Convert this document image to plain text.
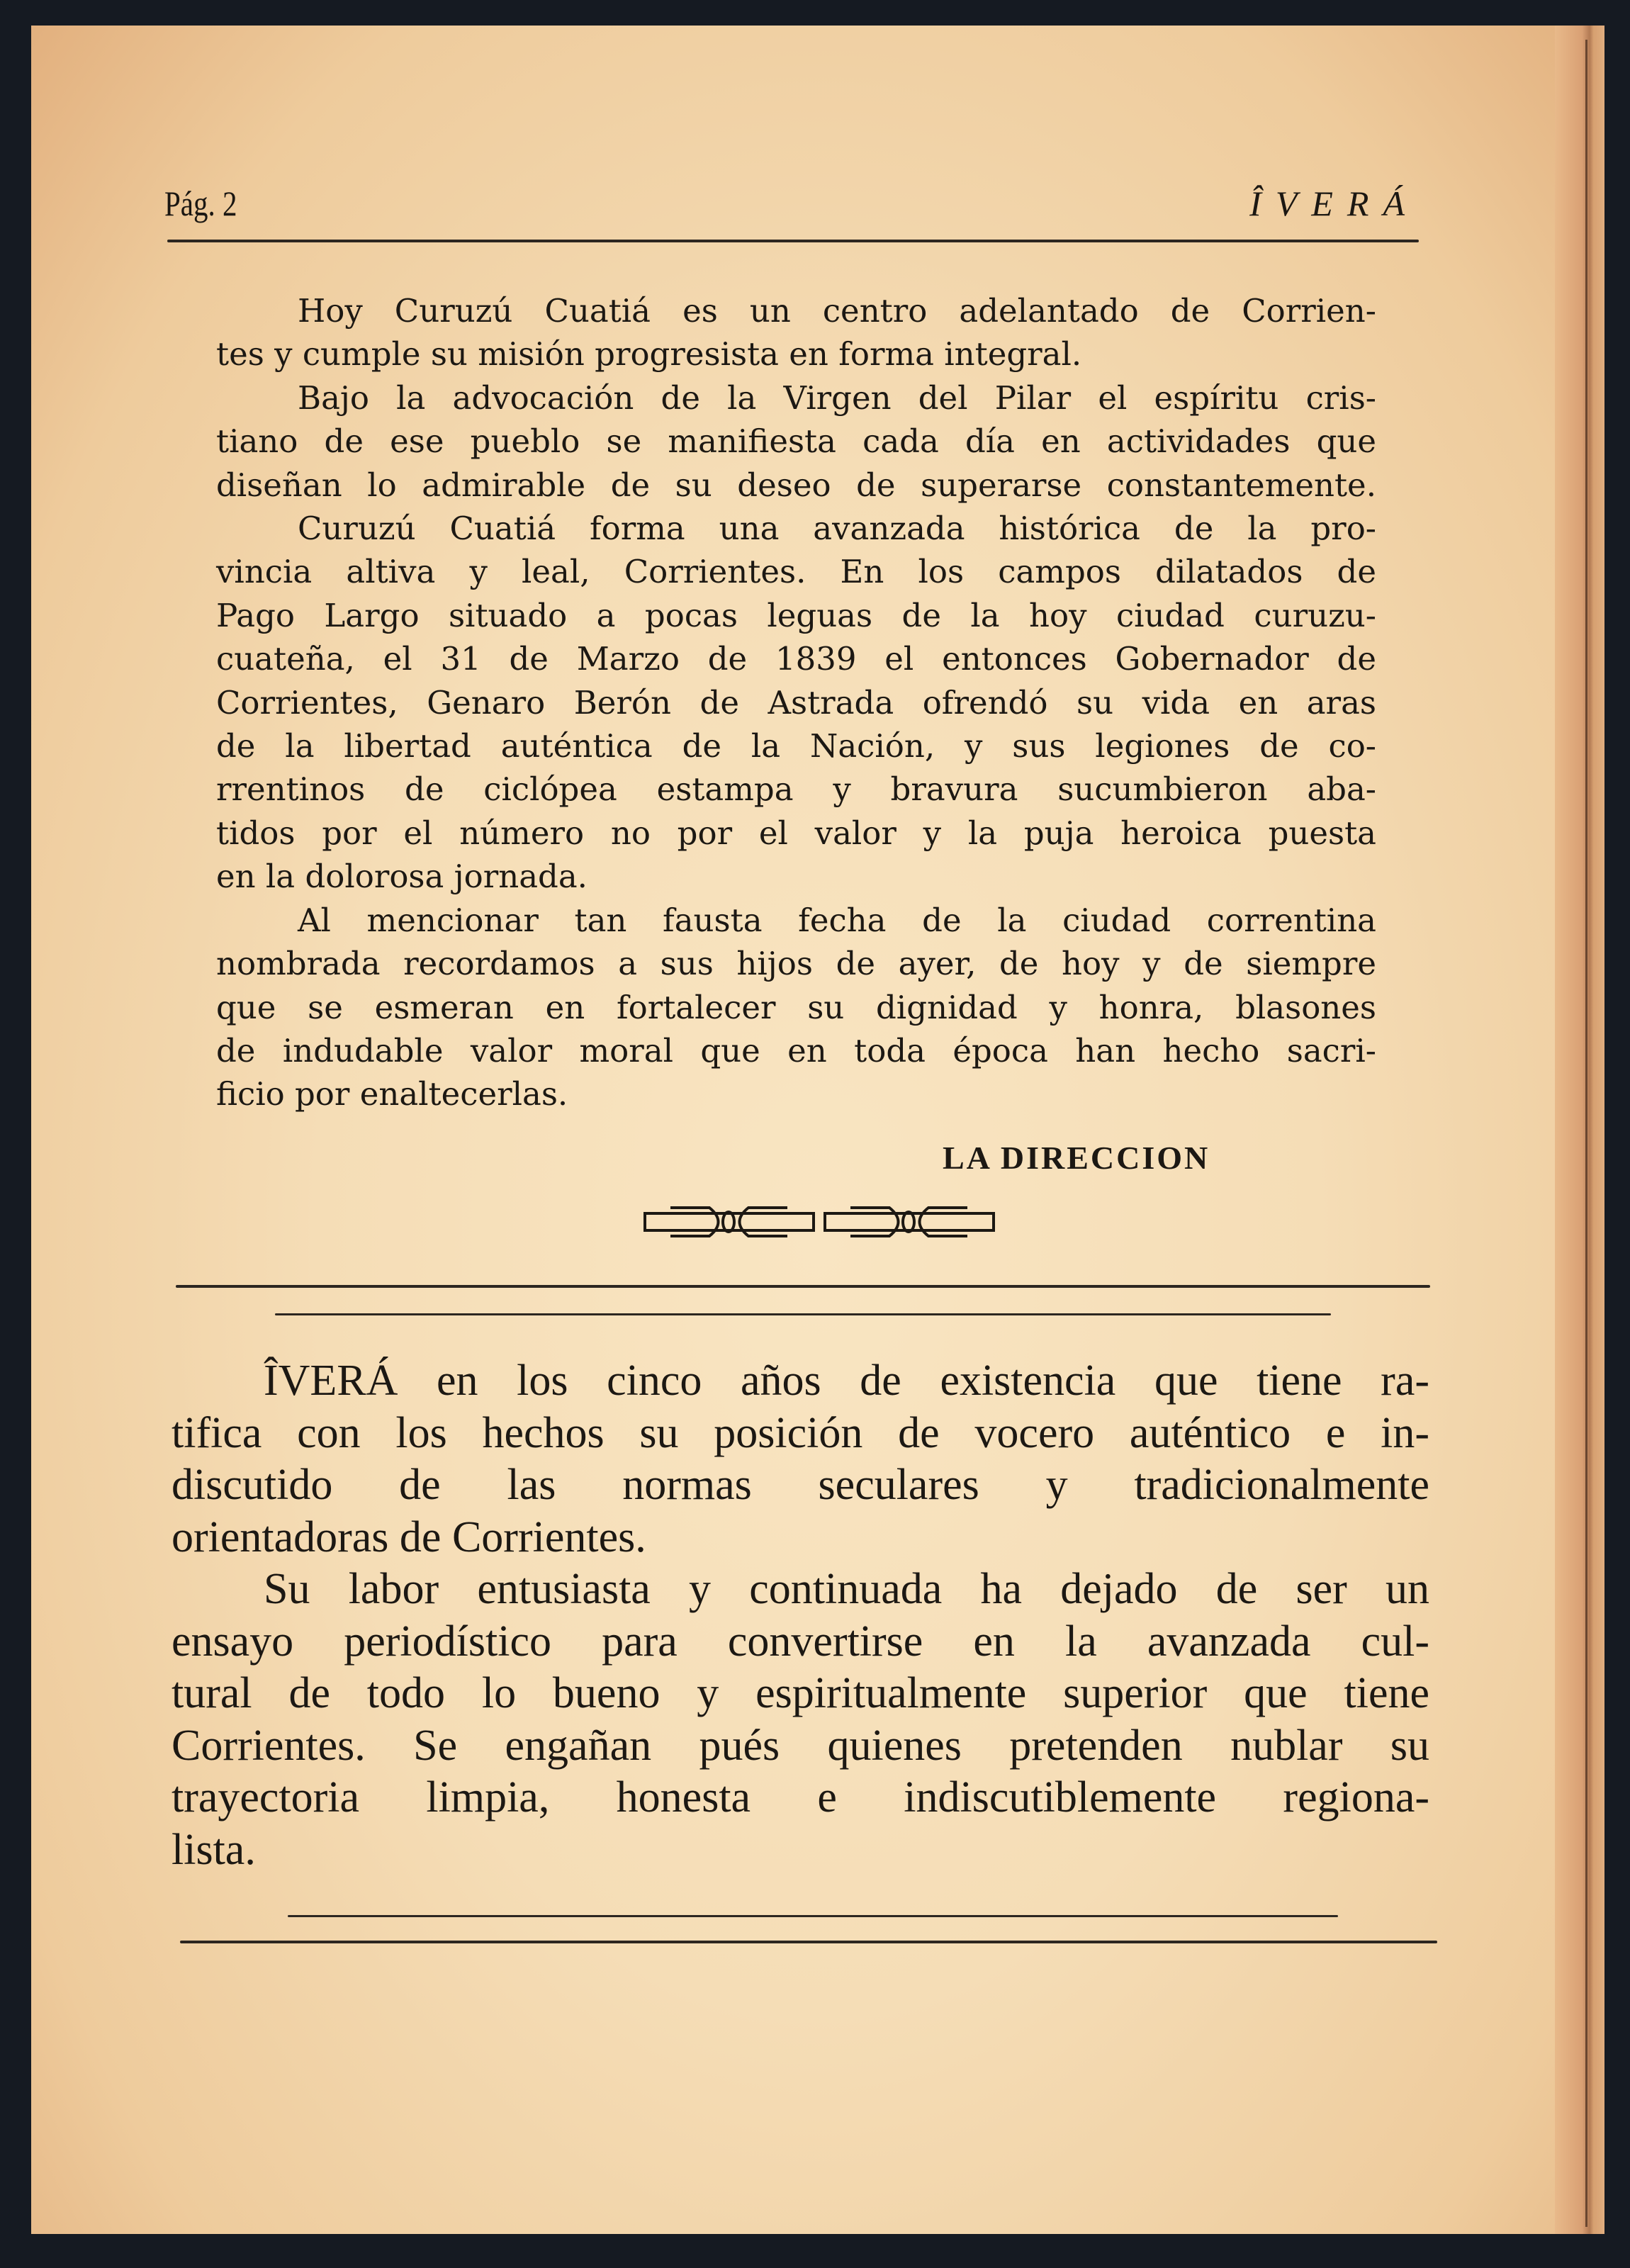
Pág. 2	ÎVERÁ
Hoy Curuzú Cuatiá es un centro adelantado de Corrien-
tes y cumple su misión progresista en forma integral.
Bajo la advocación de la Virgen del Pilar el espíritu cris-
tiano de ese pueblo se manifiesta cada día en actividades que
diseñan lo admirable de su deseo de superarse constantemente.
Curuzú Cuatiá forma una avanzada histórica de la pro-
vincia altiva y leal, Corrientes. En los campos dilatados de
Pago Largo situado a pocas leguas de la hoy ciudad curuzu-
cuateña, el 31 de Marzo de 1839 el entonces Gobernador de
Corrientes, Genaro Berón de Astrada ofrendó su vida en aras
de la libertad auténtica de la Nación, y sus legiones de co-
rrentinos de ciclópea estampa y bravura sucumbieron aba-
tidos por el número no por el valor y la puja heroica puesta
en la dolorosa jornada.
Al mencionar tan fausta fecha de la ciudad correntina
nombrada recordamos a sus hijos de ayer, de hoy y de siempre
que se esmeran en fortalecer su dignidad y honra, blasones
de indudable valor moral que en toda época han hecho sacri-
ficio por enaltecerlas.
LA DIRECCION
ÎVERÁ en los cinco años de existencia que tiene ra-
tifica con los hechos su posición de vocero auténtico e in-
discutido de las normas seculares y tradicionalmente
orientadoras de Corrientes.
Su labor entusiasta y continuada ha dejado de ser un
ensayo periodístico para convertirse en la avanzada cul-
tural de todo lo bueno y espiritualmente superior que tiene
Corrientes. Se engañan pués quienes pretenden nublar su
trayectoria limpia, honesta e indiscutiblemente regiona-
lista.
